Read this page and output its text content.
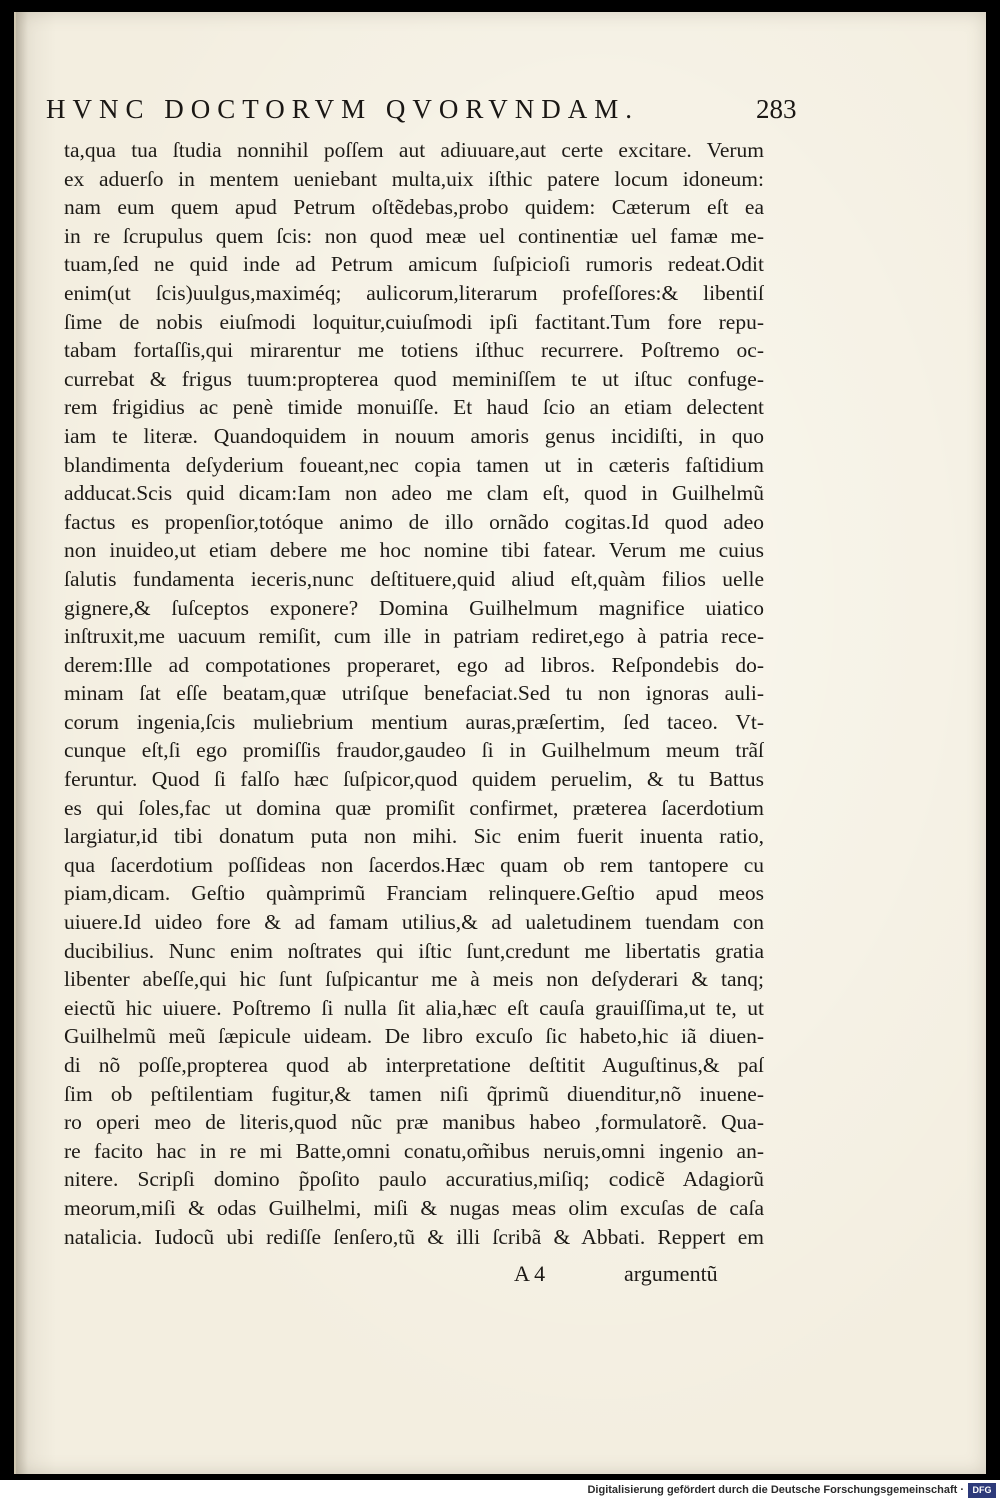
HVNC DOCTORVM QVORVNDAM.	283
ta,qua tua ſtudia nonnihil poſſem aut adiuuare,aut certe excitare. Verum
ex aduerſo in mentem ueniebant multa,uix iſthic patere locum idoneum:
nam eum quem apud Petrum oſtẽdebas,probo quidem: Cæterum eſt ea
in re ſcrupulus quem ſcis: non quod meæ uel continentiæ uel famæ me-
tuam,ſed ne quid inde ad Petrum amicum ſuſpicioſi rumoris redeat.Odit
enim(ut ſcis)uulgus,maximéq; aulicorum,literarum profeſſores:& libentiſ
ſime de nobis eiuſmodi loquitur,cuiuſmodi ipſi factitant.Tum fore repu-
tabam fortaſſis,qui mirarentur me totiens iſthuc recurrere. Poſtremo oc-
currebat & frigus tuum:propterea quod meminiſſem te ut iſtuc confuge-
rem frigidius ac penè timide monuiſſe. Et haud ſcio an etiam delectent
iam te literæ. Quandoquidem in nouum amoris genus incidiſti, in quo
blandimenta deſyderium foueant,nec copia tamen ut in cæteris faſtidium
adducat.Scis quid dicam:Iam non adeo me clam eſt, quod in Guilhelmũ
factus es propenſior,totóque animo de illo ornãdo cogitas.Id quod adeo
non inuideo,ut etiam debere me hoc nomine tibi fatear. Verum me cuius
ſalutis fundamenta ieceris,nunc deſtituere,quid aliud eſt,quàm filios uelle
gignere,& ſuſceptos exponere? Domina Guilhelmum magnifice uiatico
inſtruxit,me uacuum remiſit, cum ille in patriam rediret,ego à patria rece-
derem:Ille ad compotationes properaret, ego ad libros. Reſpondebis do-
minam ſat eſſe beatam,quæ utriſque benefaciat.Sed tu non ignoras auli-
corum ingenia,ſcis muliebrium mentium auras,præſertim, ſed taceo. Vt-
cunque eſt,ſi ego promiſſis fraudor,gaudeo ſi in Guilhelmum meum trãſ
feruntur. Quod ſi falſo hæc ſuſpicor,quod quidem peruelim, & tu Battus
es qui ſoles,fac ut domina quæ promiſit confirmet, præterea ſacerdotium
largiatur,id tibi donatum puta non mihi. Sic enim fuerit inuenta ratio,
qua ſacerdotium poſſideas non ſacerdos.Hæc quam ob rem tantopere cu
piam,dicam. Geſtio quàmprimũ Franciam relinquere.Geſtio apud meos
uiuere.Id uideo fore & ad famam utilius,& ad ualetudinem tuendam con
ducibilius. Nunc enim noſtrates qui iſtic ſunt,credunt me libertatis gratia
libenter abeſſe,qui hic ſunt ſuſpicantur me à meis non deſyderari & tanq;
eiectũ hic uiuere. Poſtremo ſi nulla ſit alia,hæc eſt cauſa grauiſſima,ut te, ut
Guilhelmũ meũ ſæpicule uideam. De libro excuſo ſic habeto,hic iã diuen-
di nõ poſſe,propterea quod ab interpretatione deſtitit Auguſtinus,& paſ
ſim ob peſtilentiam fugitur,& tamen niſi q̃primũ diuenditur,nõ inuene-
ro operi meo de literis,quod nũc præ manibus habeo ,formulatorẽ. Qua-
re facito hac in re mi Batte,omni conatu,om̃ibus neruis,omni ingenio an-
nitere. Scripſi domino p̃poſito paulo accuratius,miſiq; codicẽ Adagiorũ
meorum,miſi & odas Guilhelmi, miſi & nugas meas olim excuſas de caſa
natalicia. Iudocũ ubi rediſſe ſenſero,tũ & illi ſcribã & Abbati. Reppert em
A 4	argumentũ
Digitalisierung gefördert durch die Deutsche Forschungsgemeinschaft · DFG
